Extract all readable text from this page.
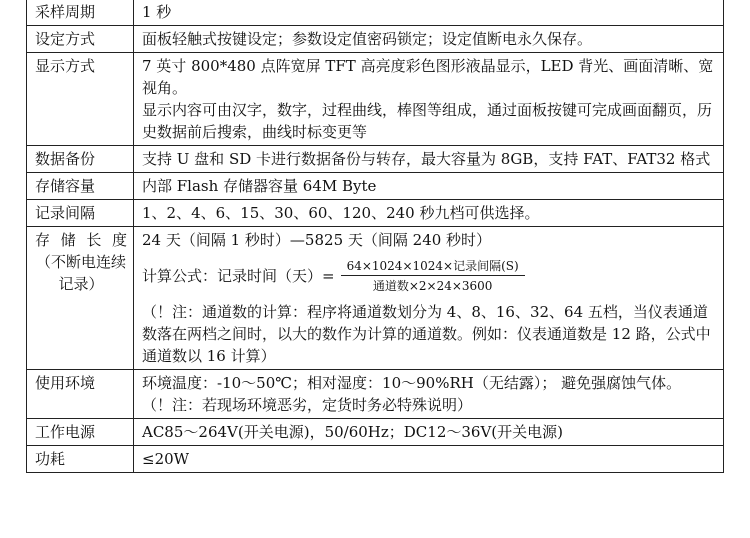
采样周期	1 秒
设定方式	面板轻触式按键设定；参数设定值密码锁定；设定值断电永久保存。
显示方式	7 英寸 800*480 点阵宽屏 TFT 高亮度彩色图形液晶显示，LED 背光、画面清晰、宽视角。
显示内容可由汉字，数字，过程曲线，棒图等组成，通过面板按键可完成画面翻页，历史数据前后搜索，曲线时标变更等

数据备份	支持 U 盘和 SD 卡进行数据备份与转存，最大容量为 8GB，支持 FAT、FAT32 格式
存储容量	内部 Flash 存储器容量 64M Byte
记录间隔	1、2、4、6、15、30、60、120、240 秒九档可供选择。

存储长度
（不断电连续记录）	24 天（间隔 1 秒时）—5825 天（间隔 240 秒时）
计算公式：记录时间（天）= $\frac{\text{64×1024×1024×记录间隔(S)}}{\text{通道数×2×24×3600}}$
（！注：通道数的计算：程序将通道数划分为 4、8、16、32、64 五档，当仪表通道数落在两档之间时，以大的数作为计算的通道数。例如：仪表通道数是 12 路，公式中通道数以 16 计算）

使用环境	环境温度：-10～50℃；相对湿度：10～90%RH（无结露）； 避免强腐蚀气体。
（！注：若现场环境恶劣，定货时务必特殊说明）

工作电源	AC85～264V(开关电源)，50/60Hz；DC12～36V(开关电源)
功耗	≤20W
